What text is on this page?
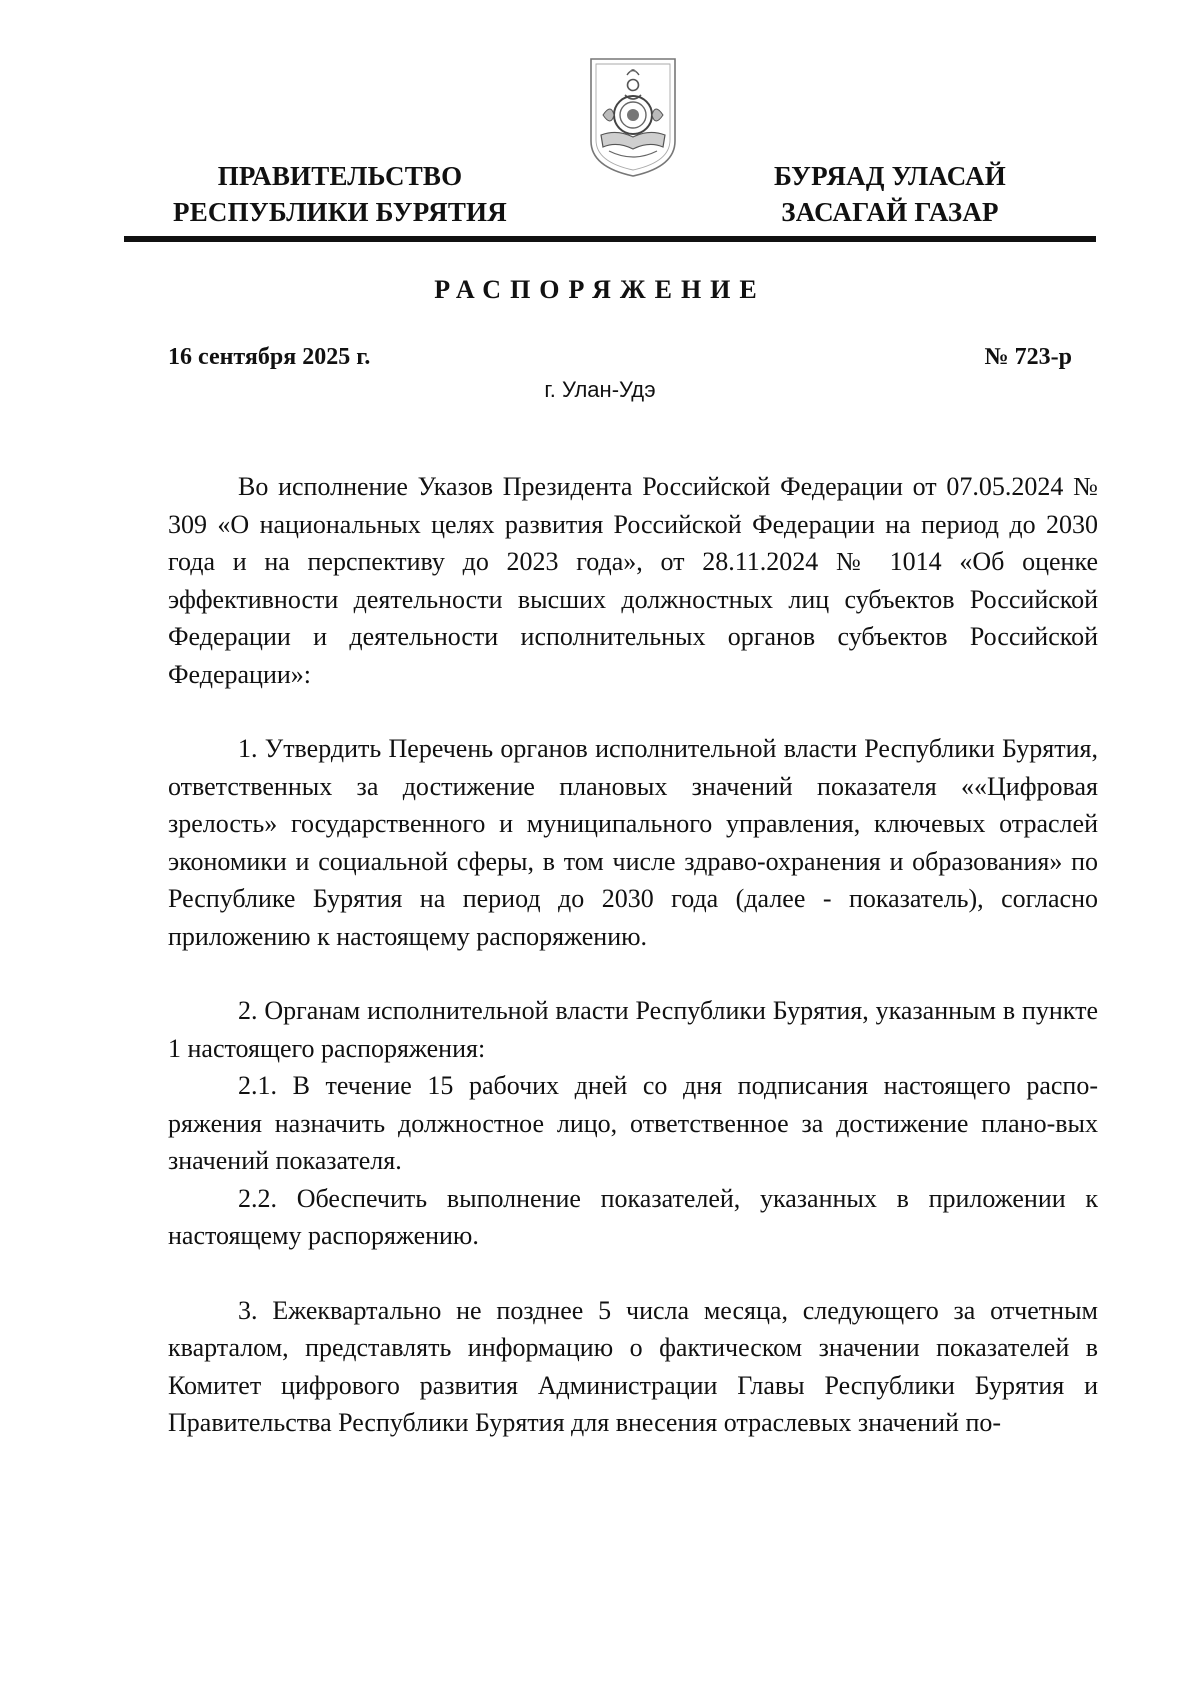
ПРАВИТЕЛЬСТВО
РЕСПУБЛИКИ БУРЯТИЯ
БУРЯАД УЛАСАЙ
ЗАСАГАЙ ГАЗАР
РАСПОРЯЖЕНИЕ
16 сентября 2025 г.	№ 723-р
г. Улан-Удэ

Во исполнение Указов Президента Российской Федерации от 07.05.2024 № 309 «О национальных целях развития Российской Федерации на период до 2030 года и на перспективу до 2023 года», от 28.11.2024 № 1014 «Об оценке эффективности деятельности высших должностных лиц субъектов Российской Федерации и деятельности исполнительных органов субъектов Российской Федерации»:

1. Утвердить Перечень органов исполнительной власти Республики Бурятия, ответственных за достижение плановых значений показателя ««Цифровая зрелость» государственного и муниципального управления, ключевых отраслей экономики и социальной сферы, в том числе здраво-охранения и образования» по Республике Бурятия на период до 2030 года (далее - показатель), согласно приложению к настоящему распоряжению.

2. Органам исполнительной власти Республики Бурятия, указанным в пункте 1 настоящего распоряжения:

2.1. В течение 15 рабочих дней со дня подписания настоящего распо-ряжения назначить должностное лицо, ответственное за достижение плано-вых значений показателя.

2.2. Обеспечить выполнение показателей, указанных в приложении к настоящему распоряжению.

3. Ежеквартально не позднее 5 числа месяца, следующего за отчетным кварталом, представлять информацию о фактическом значении показателей в Комитет цифрового развития Администрации Главы Республики Бурятия и Правительства Республики Бурятия для внесения отраслевых значений по-
